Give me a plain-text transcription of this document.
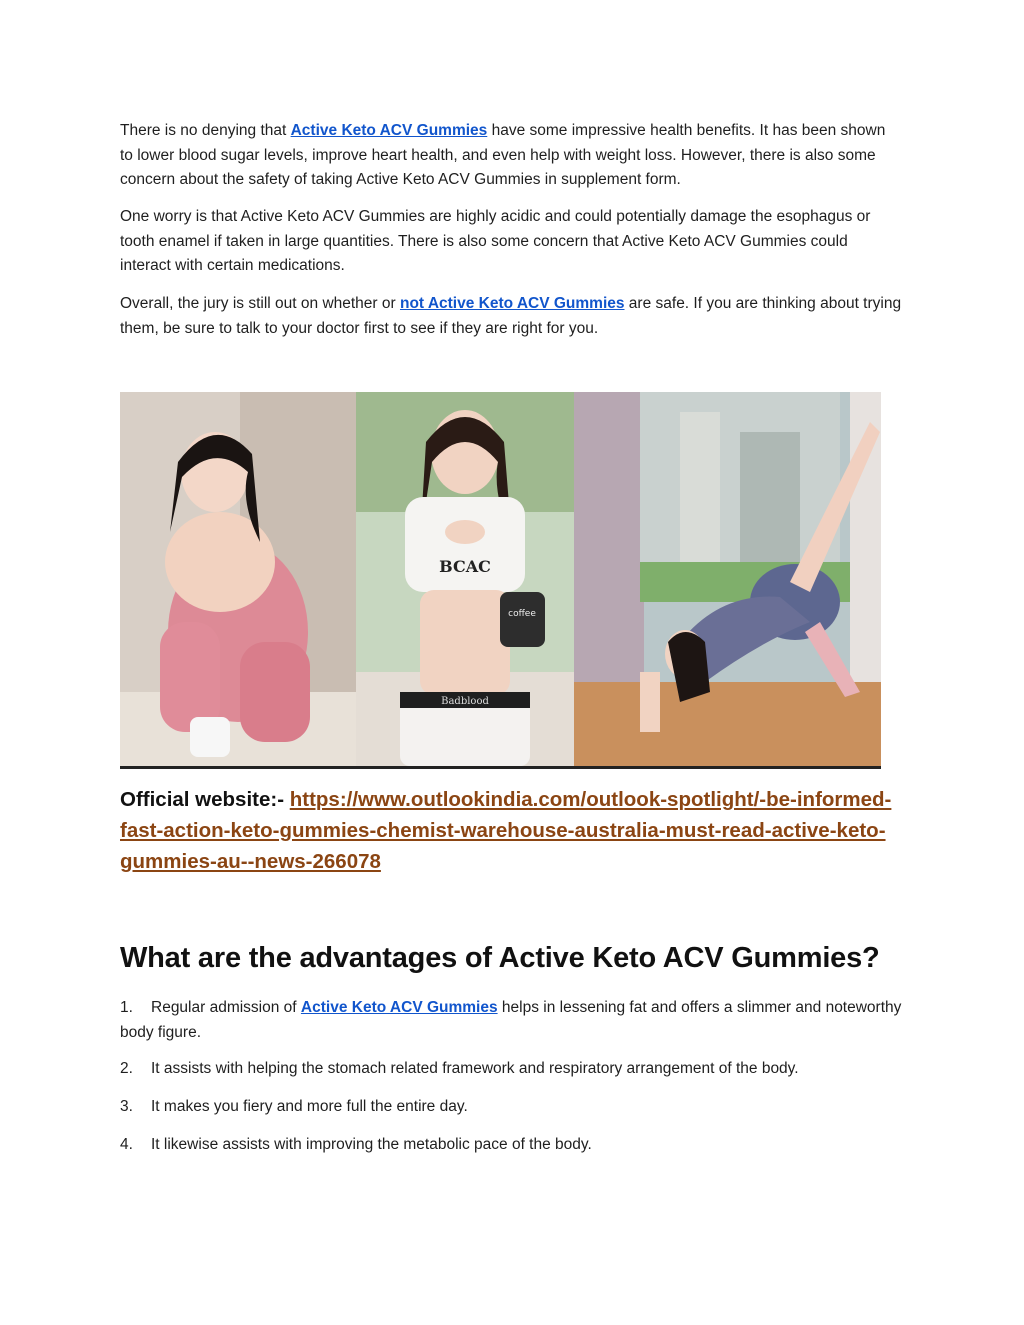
There is no denying that Active Keto ACV Gummies have some impressive health benefits. It has been shown to lower blood sugar levels, improve heart health, and even help with weight loss. However, there is also some concern about the safety of taking Active Keto ACV Gummies in supplement form.

One worry is that Active Keto ACV Gummies are highly acidic and could potentially damage the esophagus or tooth enamel if taken in large quantities. There is also some concern that Active Keto ACV Gummies could interact with certain medications.

Overall, the jury is still out on whether or not Active Keto ACV Gummies are safe. If you are thinking about trying them, be sure to talk to your doctor first to see if they are right for you.

BCAC
coffee
Badblood

Official website:- https://www.outlookindia.com/outlook-spotlight/-be-informed-fast-action-keto-gummies-chemist-warehouse-australia-must-read-active-keto-gummies-au--news-266078

What are the advantages of Active Keto ACV Gummies?

1. Regular admission of Active Keto ACV Gummies helps in lessening fat and offers a slimmer and noteworthy body figure.

2. It assists with helping the stomach related framework and respiratory arrangement of the body.

3. It makes you fiery and more full the entire day.

4. It likewise assists with improving the metabolic pace of the body.
